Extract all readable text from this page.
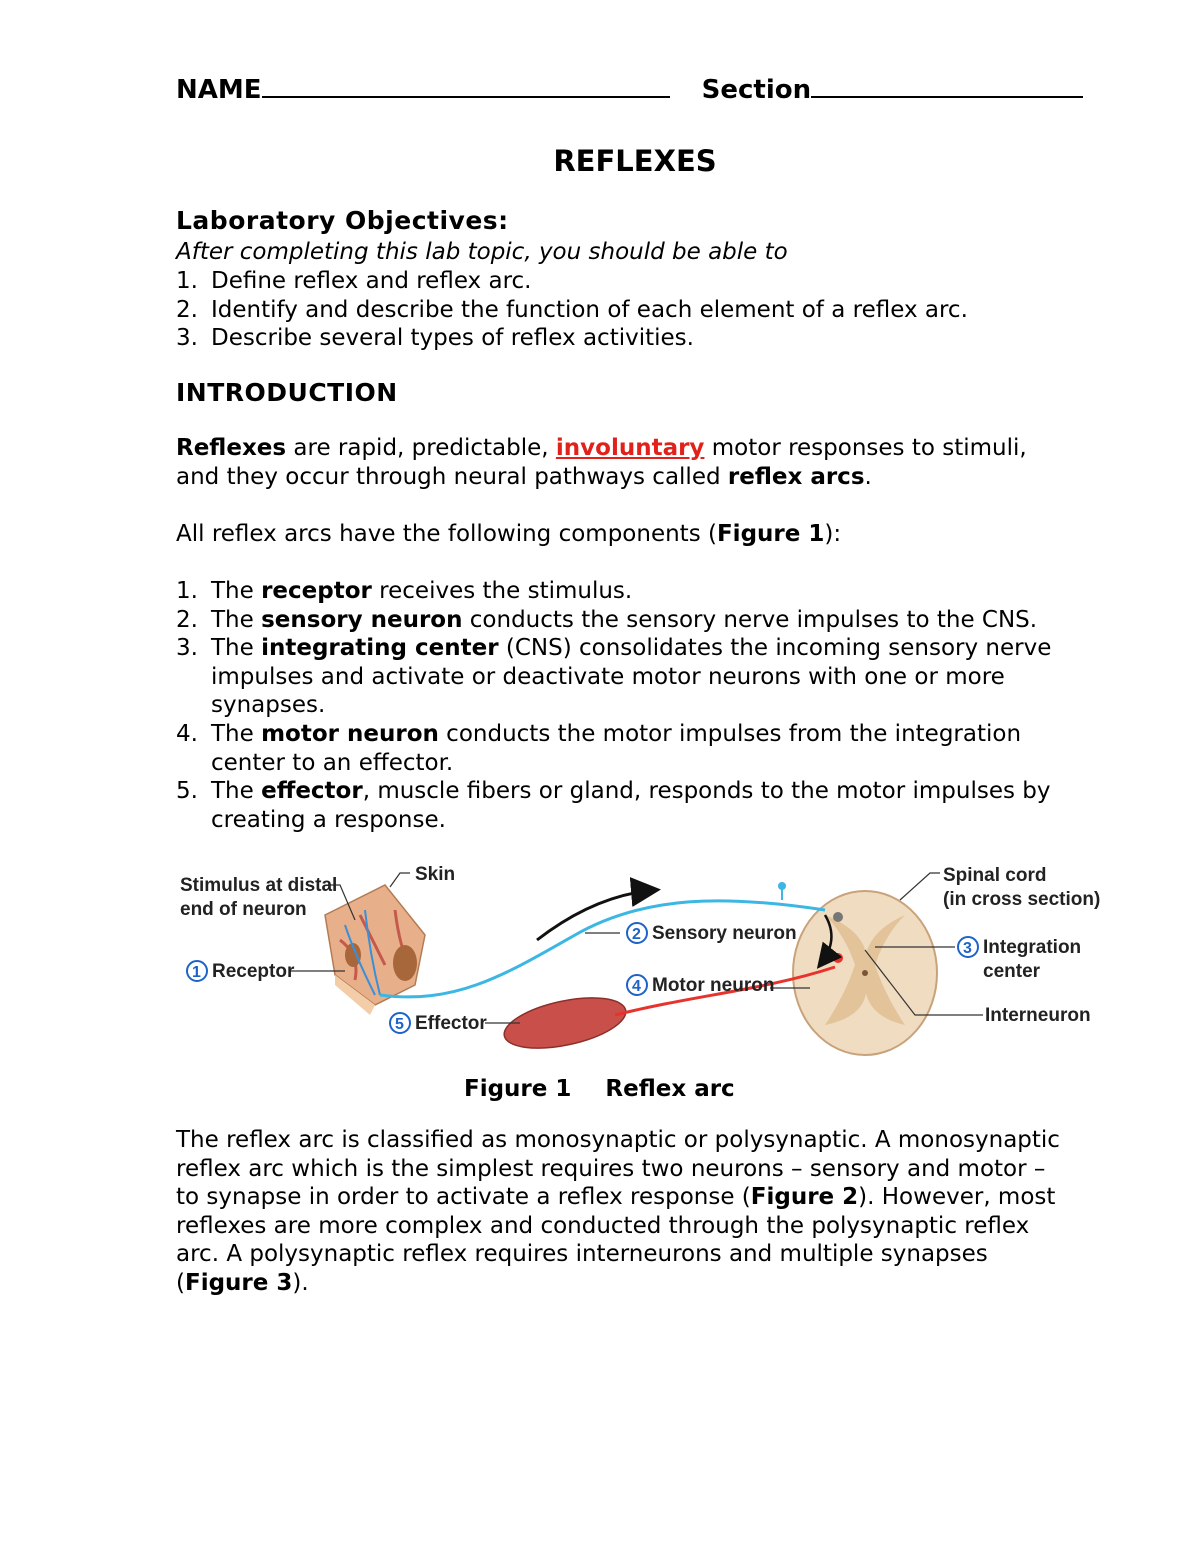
NAME	Section
REFLEXES
Laboratory Objectives:
After completing this lab topic, you should be able to
1. Define reflex and reflex arc.
2. Identify and describe the function of each element of a reflex arc.
3. Describe several types of reflex activities.
INTRODUCTION
Reflexes are rapid, predictable, involuntary motor responses to stimuli,
and they occur through neural pathways called reflex arcs.
All reflex arcs have the following components (Figure 1):
1. The receptor receives the stimulus.
2. The sensory neuron conducts the sensory nerve impulses to the CNS.
3. The integrating center (CNS) consolidates the incoming sensory nerve
impulses and activate or deactivate motor neurons with one or more
synapses.
4. The motor neuron conducts the motor impulses from the integration
center to an effector.
5. The effector, muscle fibers or gland, responds to the motor impulses by
creating a response.
Stimulus at distal
end of neuron
Skin
1 Receptor
5 Effector
2 Sensory neuron
4 Motor neuron
Spinal cord
(in cross section)
3 Integration
center
Interneuron
Figure 1 Reflex arc
The reflex arc is classified as monosynaptic or polysynaptic. A monosynaptic
reflex arc which is the simplest requires two neurons – sensory and motor –
to synapse in order to activate a reflex response (Figure 2). However, most
reflexes are more complex and conducted through the polysynaptic reflex
arc. A polysynaptic reflex requires interneurons and multiple synapses
(Figure 3).
